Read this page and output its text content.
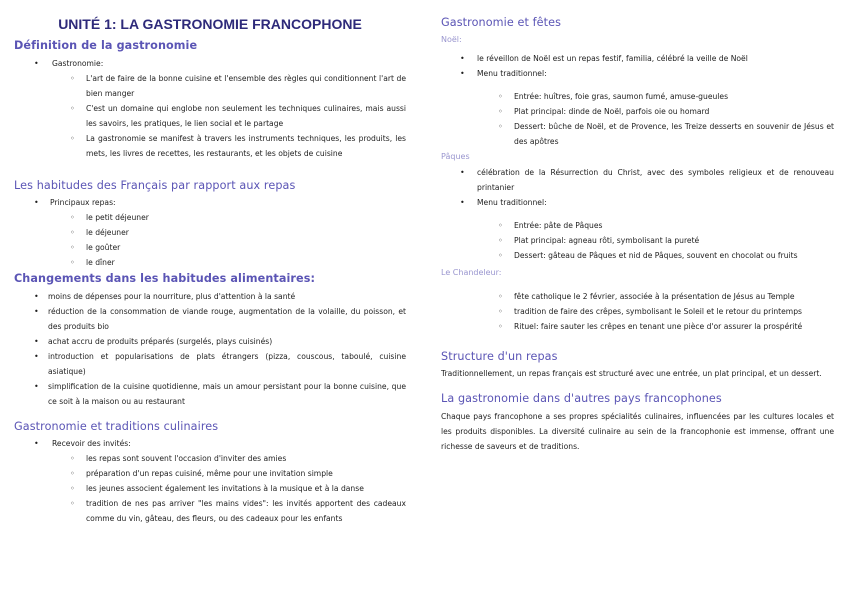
UNITÉ 1: LA GASTRONOMIE FRANCOPHONE
Définition de la gastronomie
• Gastronomie:
◦ L'art de faire de la bonne cuisine et l'ensemble des règles qui conditionnent l'art de bien manger
◦ C'est un domaine qui englobe non seulement les techniques culinaires, mais aussi les savoirs, les pratiques, le lien social et le partage
◦ La gastronomie se manifest à travers les instruments techniques, les produits, les mets, les livres de recettes, les restaurants, et les objets de cuisine
Les habitudes des Français par rapport aux repas
• Principaux repas:
◦ le petit déjeuner
◦ le déjeuner
◦ le goûter
◦ le dîner
Changements dans les habitudes alimentaires:
• moins de dépenses pour la nourriture, plus d'attention à la santé
• réduction de la consommation de viande rouge, augmentation de la volaille, du poisson, et des produits bio
• achat accru de produits préparés (surgelés, plays cuisinés)
• introduction et popularisations de plats étrangers (pizza, couscous, taboulé, cuisine asiatique)
• simplification de la cuisine quotidienne, mais un amour persistant pour la bonne cuisine, que ce soit à la maison ou au restaurant
Gastronomie et traditions culinaires
• Recevoir des invités:
◦ les repas sont souvent l'occasion d'inviter des amies
◦ préparation d'un repas cuisiné, même pour une invitation simple
◦ les jeunes associent également les invitations à la musique et à la danse
◦ tradition de nes pas arriver "les mains vides": les invités apportent des cadeaux comme du vin, gâteau, des fleurs, ou des cadeaux pour les enfants
Gastronomie et fêtes
Noël:
• le réveillon de Noël est un repas festif, familia, célébré la veille de Noël
• Menu traditionnel:
◦ Entrée: huîtres, foie gras, saumon fumé, amuse-gueules
◦ Plat principal: dinde de Noël, parfois oie ou homard
◦ Dessert: bûche de Noël, et de Provence, les Treize desserts en souvenir de Jésus et des apôtres
Pâques
• célébration de la Résurrection du Christ, avec des symboles religieux et de renouveau printanier
• Menu traditionnel:
◦ Entrée: pâte de Pâques
◦ Plat principal: agneau rôti, symbolisant la pureté
◦ Dessert: gâteau de Pâques et nid de Pâques, souvent en chocolat ou fruits
Le Chandeleur:
◦ fête catholique le 2 février, associée à la présentation de Jésus au Temple
◦ tradition de faire des crêpes, symbolisant le Soleil et le retour du printemps
◦ Rituel: faire sauter les crêpes en tenant une pièce d'or assurer la prospérité
Structure d'un repas

Traditionnellement, un repas français est structuré avec une entrée, un plat principal, et un dessert.

La gastronomie dans d'autres pays francophones

Chaque pays francophone a ses propres spécialités culinaires, influencées par les cultures locales et les produits disponibles. La diversité culinaire au sein de la francophonie est immense, offrant une richesse de saveurs et de traditions.
